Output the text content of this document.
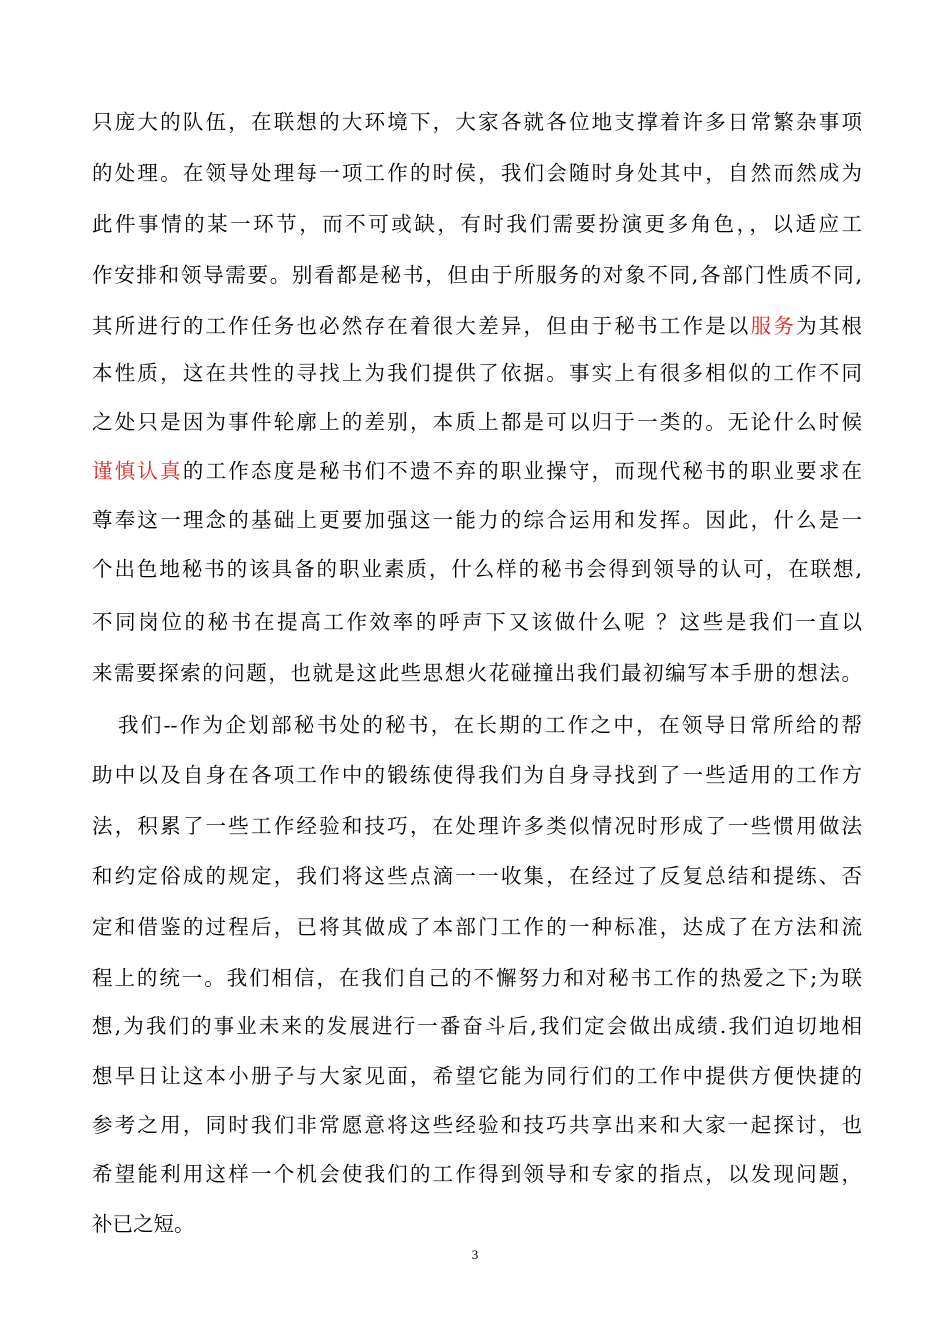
只庞大的队伍，在联想的大环境下，大家各就各位地支撑着许多日常繁杂事项
的处理。在领导处理每一项工作的时侯，我们会随时身处其中，自然而然成为
此件事情的某一环节，而不可或缺，有时我们需要扮演更多角色，，以适应工
作安排和领导需要。别看都是秘书，但由于所服务的对象不同,各部门性质不同,
其所进行的工作任务也必然存在着很大差异，但由于秘书工作是以服务为其根
本性质，这在共性的寻找上为我们提供了依据。事实上有很多相似的工作不同
之处只是因为事件轮廓上的差别，本质上都是可以归于一类的。无论什么时候
谨慎认真的工作态度是秘书们不遗不弃的职业操守，而现代秘书的职业要求在
尊奉这一理念的基础上更要加强这一能力的综合运用和发挥。因此，什么是一
个出色地秘书的该具备的职业素质，什么样的秘书会得到领导的认可，在联想,
不同岗位的秘书在提高工作效率的呼声下又该做什么呢 ？这些是我们一直以
来需要探索的问题，也就是这此些思想火花碰撞出我们最初编写本手册的想法。
我们--作为企划部秘书处的秘书，在长期的工作之中，在领导日常所给的帮
助中以及自身在各项工作中的锻练使得我们为自身寻找到了一些适用的工作方
法，积累了一些工作经验和技巧，在处理许多类似情况时形成了一些惯用做法
和约定俗成的规定，我们将这些点滴一一收集，在经过了反复总结和提练、否
定和借鉴的过程后，已将其做成了本部门工作的一种标准，达成了在方法和流
程上的统一。我们相信，在我们自己的不懈努力和对秘书工作的热爱之下;为联
想,为我们的事业未来的发展进行一番奋斗后,我们定会做出成绩.我们迫切地相
想早日让这本小册子与大家见面，希望它能为同行们的工作中提供方便快捷的
参考之用，同时我们非常愿意将这些经验和技巧共享出来和大家一起探讨，也
希望能利用这样一个机会使我们的工作得到领导和专家的指点，以发现问题，
补已之短。
3
